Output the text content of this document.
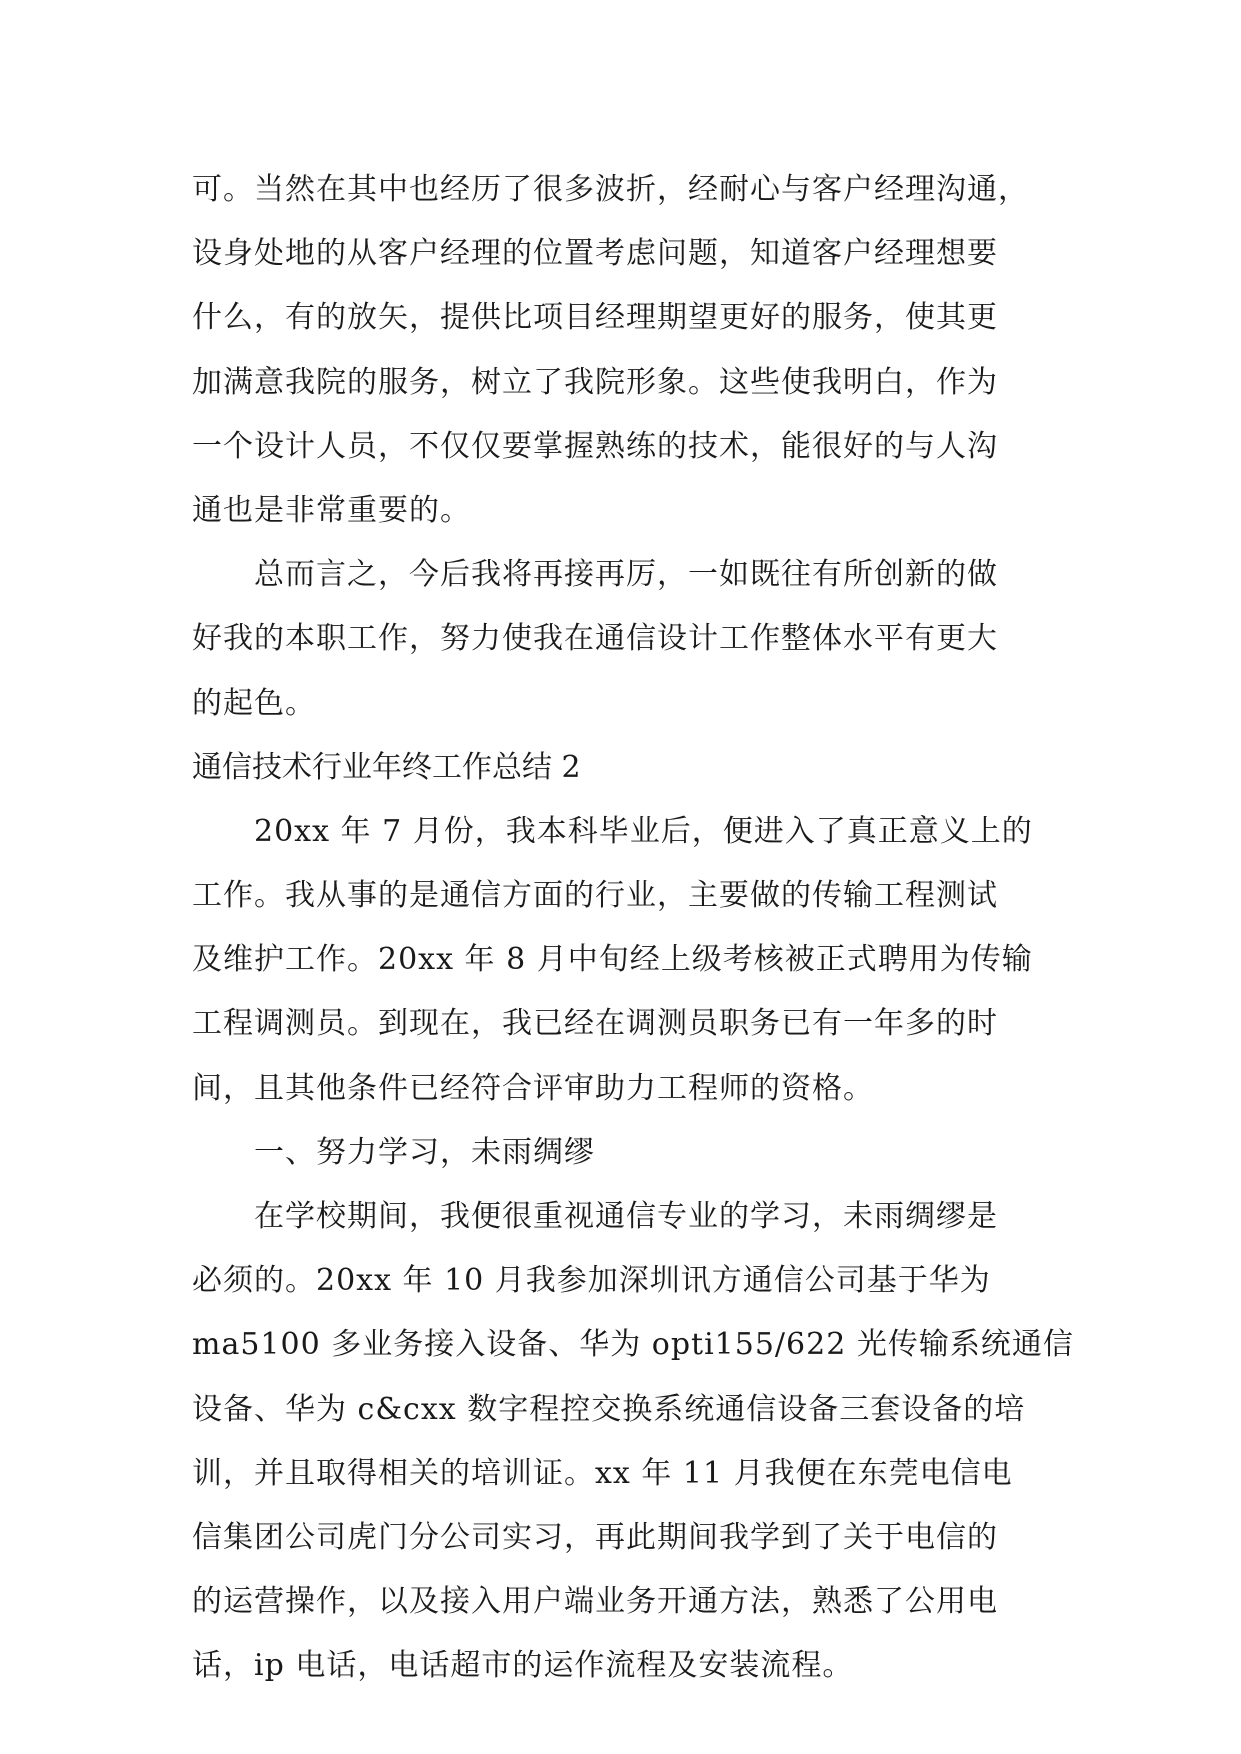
可。当然在其中也经历了很多波折，经耐心与客户经理沟通，
设身处地的从客户经理的位置考虑问题，知道客户经理想要
什么，有的放矢，提供比项目经理期望更好的服务，使其更
加满意我院的服务，树立了我院形象。这些使我明白，作为
一个设计人员，不仅仅要掌握熟练的技术，能很好的与人沟
通也是非常重要的。
总而言之，今后我将再接再厉，一如既往有所创新的做
好我的本职工作，努力使我在通信设计工作整体水平有更大
的起色。
通信技术行业年终工作总结 2
20xx 年 7 月份，我本科毕业后，便进入了真正意义上的
工作。我从事的是通信方面的行业，主要做的传输工程测试
及维护工作。20xx 年 8 月中旬经上级考核被正式聘用为传输
工程调测员。到现在，我已经在调测员职务已有一年多的时
间，且其他条件已经符合评审助力工程师的资格。
一、努力学习，未雨绸缪
在学校期间，我便很重视通信专业的学习，未雨绸缪是
必须的。20xx 年 10 月我参加深圳讯方通信公司基于华为
ma5100 多业务接入设备、华为 opti155/622 光传输系统通信
设备、华为 c&cxx 数字程控交换系统通信设备三套设备的培
训，并且取得相关的培训证。xx 年 11 月我便在东莞电信电
信集团公司虎门分公司实习，再此期间我学到了关于电信的
的运营操作，以及接入用户端业务开通方法，熟悉了公用电
话，ip 电话，电话超市的运作流程及安装流程。
